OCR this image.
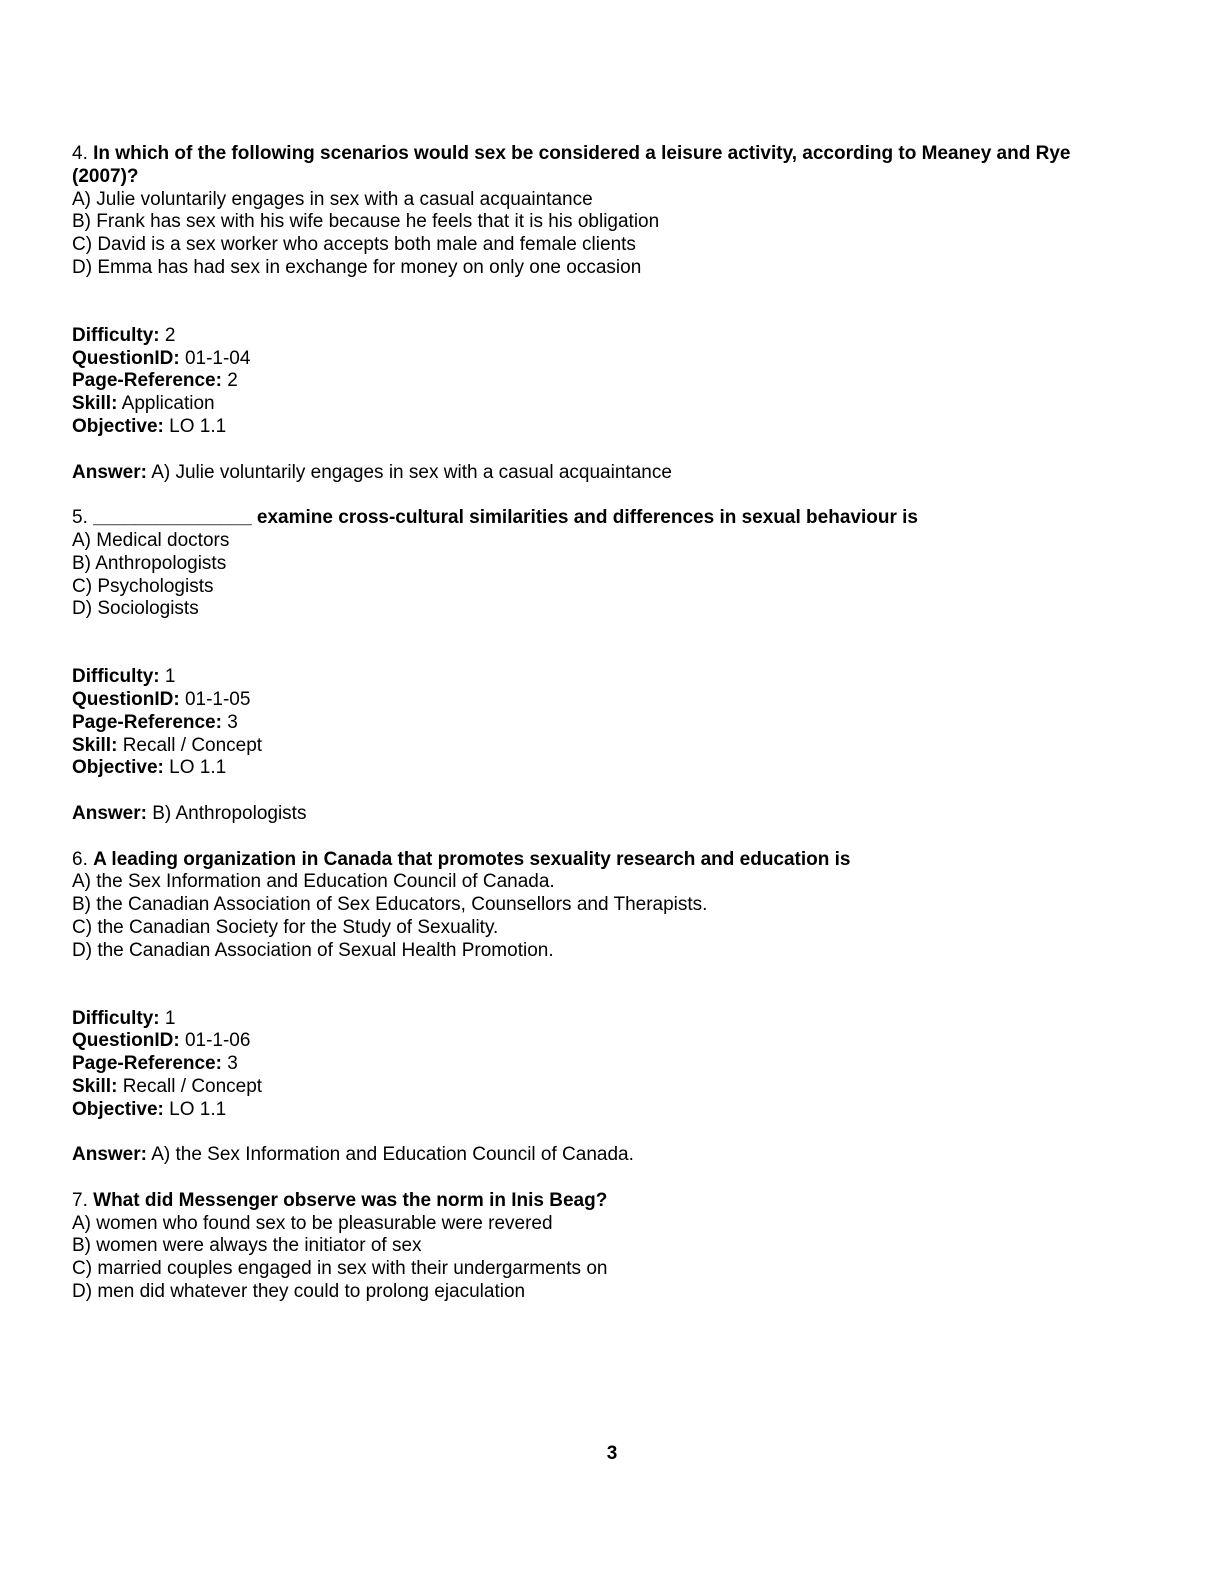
4. In which of the following scenarios would sex be considered a leisure activity, according to Meaney and Rye (2007)?

A) Julie voluntarily engages in sex with a casual acquaintance

B) Frank has sex with his wife because he feels that it is his obligation

C) David is a sex worker who accepts both male and female clients

D) Emma has had sex in exchange for money on only one occasion

Difficulty: 2

QuestionID: 01-1-04

Page-Reference: 2

Skill: Application

Objective: LO 1.1

Answer: A) Julie voluntarily engages in sex with a casual acquaintance

5. _______________ examine cross-cultural similarities and differences in sexual behaviour is

A) Medical doctors

B) Anthropologists

C) Psychologists

D) Sociologists

Difficulty: 1

QuestionID: 01-1-05

Page-Reference: 3

Skill: Recall / Concept

Objective: LO 1.1

Answer: B) Anthropologists

6. A leading organization in Canada that promotes sexuality research and education is

A) the Sex Information and Education Council of Canada.

B) the Canadian Association of Sex Educators, Counsellors and Therapists.

C) the Canadian Society for the Study of Sexuality.

D) the Canadian Association of Sexual Health Promotion.

Difficulty: 1

QuestionID: 01-1-06

Page-Reference: 3

Skill: Recall / Concept

Objective: LO 1.1

Answer: A) the Sex Information and Education Council of Canada.

7. What did Messenger observe was the norm in Inis Beag?

A) women who found sex to be pleasurable were revered

B) women were always the initiator of sex

C) married couples engaged in sex with their undergarments on

D) men did whatever they could to prolong ejaculation

3
